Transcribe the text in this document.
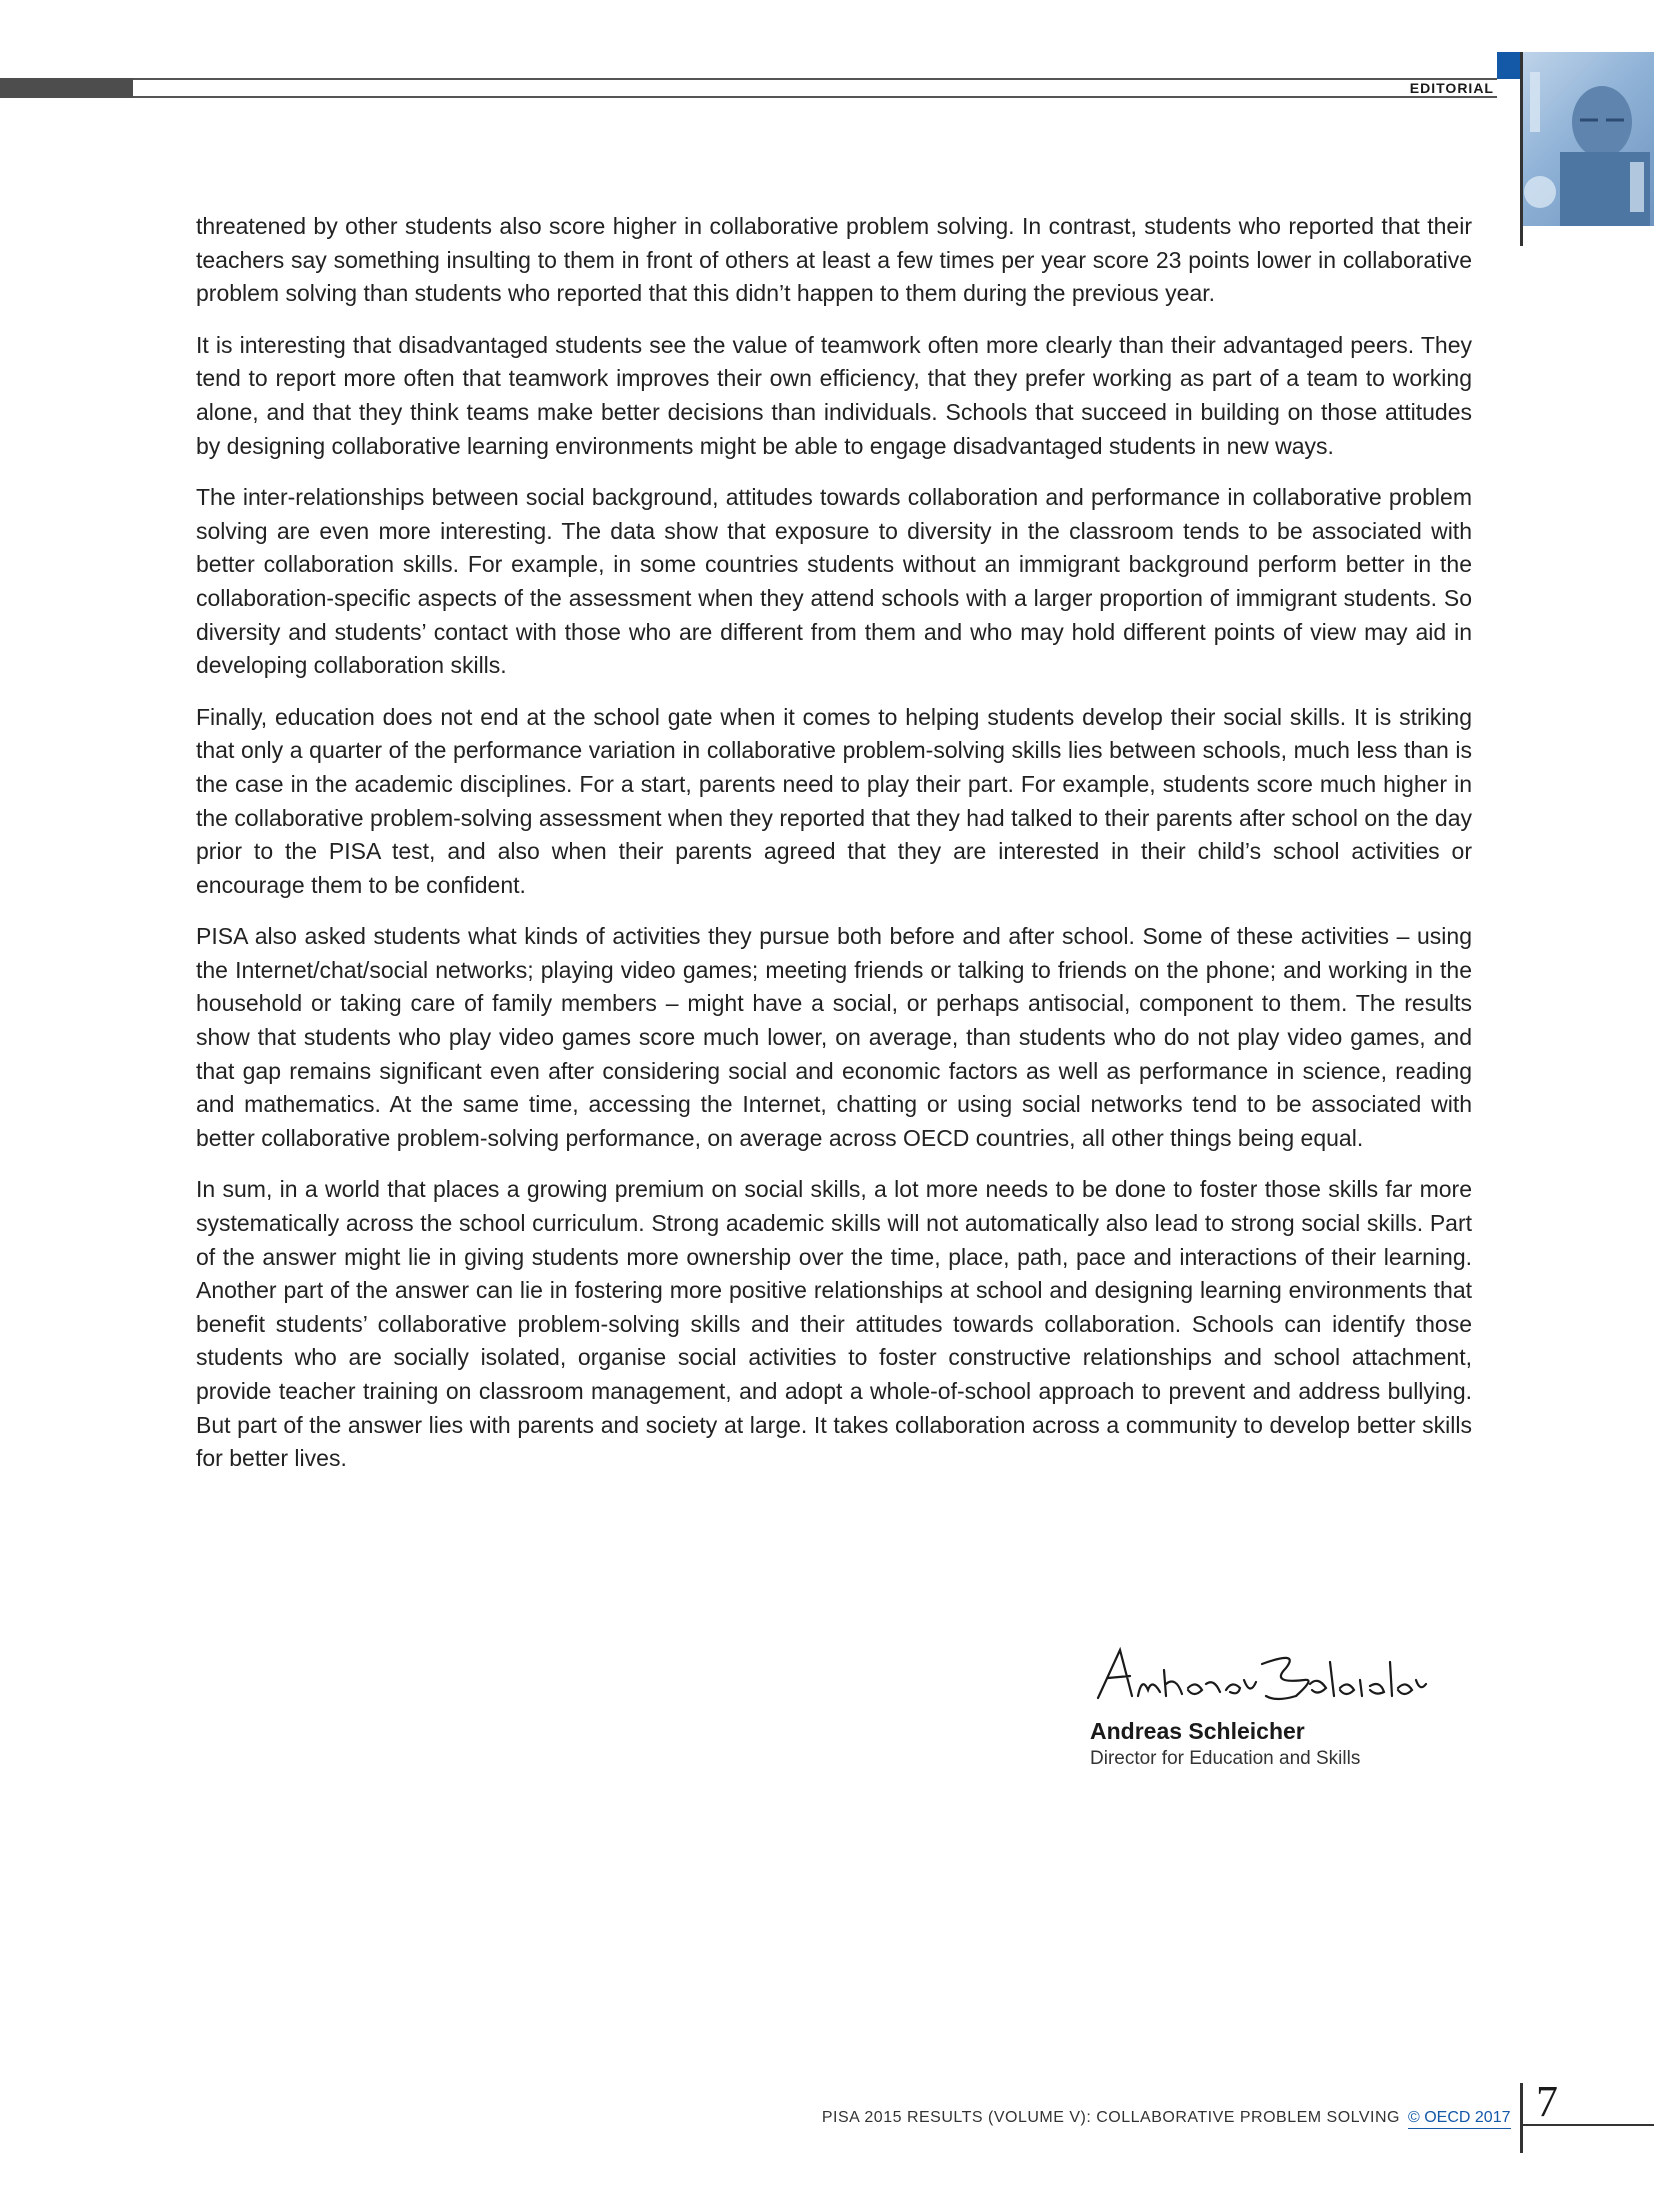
EDITORIAL

threatened by other students also score higher in collaborative problem solving. In contrast, students who reported that their teachers say something insulting to them in front of others at least a few times per year score 23 points lower in collaborative problem solving than students who reported that this didn’t happen to them during the previous year.

It is interesting that disadvantaged students see the value of teamwork often more clearly than their advantaged peers. They tend to report more often that teamwork improves their own efficiency, that they prefer working as part of a team to working alone, and that they think teams make better decisions than individuals. Schools that succeed in building on those attitudes by designing collaborative learning environments might be able to engage disadvantaged students in new ways.

The inter-relationships between social background, attitudes towards collaboration and performance in collaborative problem solving are even more interesting. The data show that exposure to diversity in the classroom tends to be associated with better collaboration skills. For example, in some countries students without an immigrant background perform better in the collaboration-specific aspects of the assessment when they attend schools with a larger proportion of immigrant students. So diversity and students’ contact with those who are different from them and who may hold different points of view may aid in developing collaboration skills.

Finally, education does not end at the school gate when it comes to helping students develop their social skills. It is striking that only a quarter of the performance variation in collaborative problem-solving skills lies between schools, much less than is the case in the academic disciplines. For a start, parents need to play their part. For example, students score much higher in the collaborative problem-solving assessment when they reported that they had talked to their parents after school on the day prior to the PISA test, and also when their parents agreed that they are interested in their child’s school activities or encourage them to be confident.

PISA also asked students what kinds of activities they pursue both before and after school. Some of these activities – using the Internet/chat/social networks; playing video games; meeting friends or talking to friends on the phone; and working in the household or taking care of family members – might have a social, or perhaps antisocial, component to them. The results show that students who play video games score much lower, on average, than students who do not play video games, and that gap remains significant even after considering social and economic factors as well as performance in science, reading and mathematics. At the same time, accessing the Internet, chatting or using social networks tend to be associated with better collaborative problem-solving performance, on average across OECD countries, all other things being equal.

In sum, in a world that places a growing premium on social skills, a lot more needs to be done to foster those skills far more systematically across the school curriculum. Strong academic skills will not automatically also lead to strong social skills. Part of the answer might lie in giving students more ownership over the time, place, path, pace and interactions of their learning. Another part of the answer can lie in fostering more positive relationships at school and designing learning environments that benefit students’ collaborative problem-solving skills and their attitudes towards collaboration. Schools can identify those students who are socially isolated, organise social activities to foster constructive relationships and school attachment, provide teacher training on classroom management, and adopt a whole-of-school approach to prevent and address bullying. But part of the answer lies with parents and society at large. It takes collaboration across a community to develop better skills for better lives.

Andreas Schleicher
Director for Education and Skills
PISA 2015 RESULTS (VOLUME V): COLLABORATIVE PROBLEM SOLVING © OECD 2017 7
